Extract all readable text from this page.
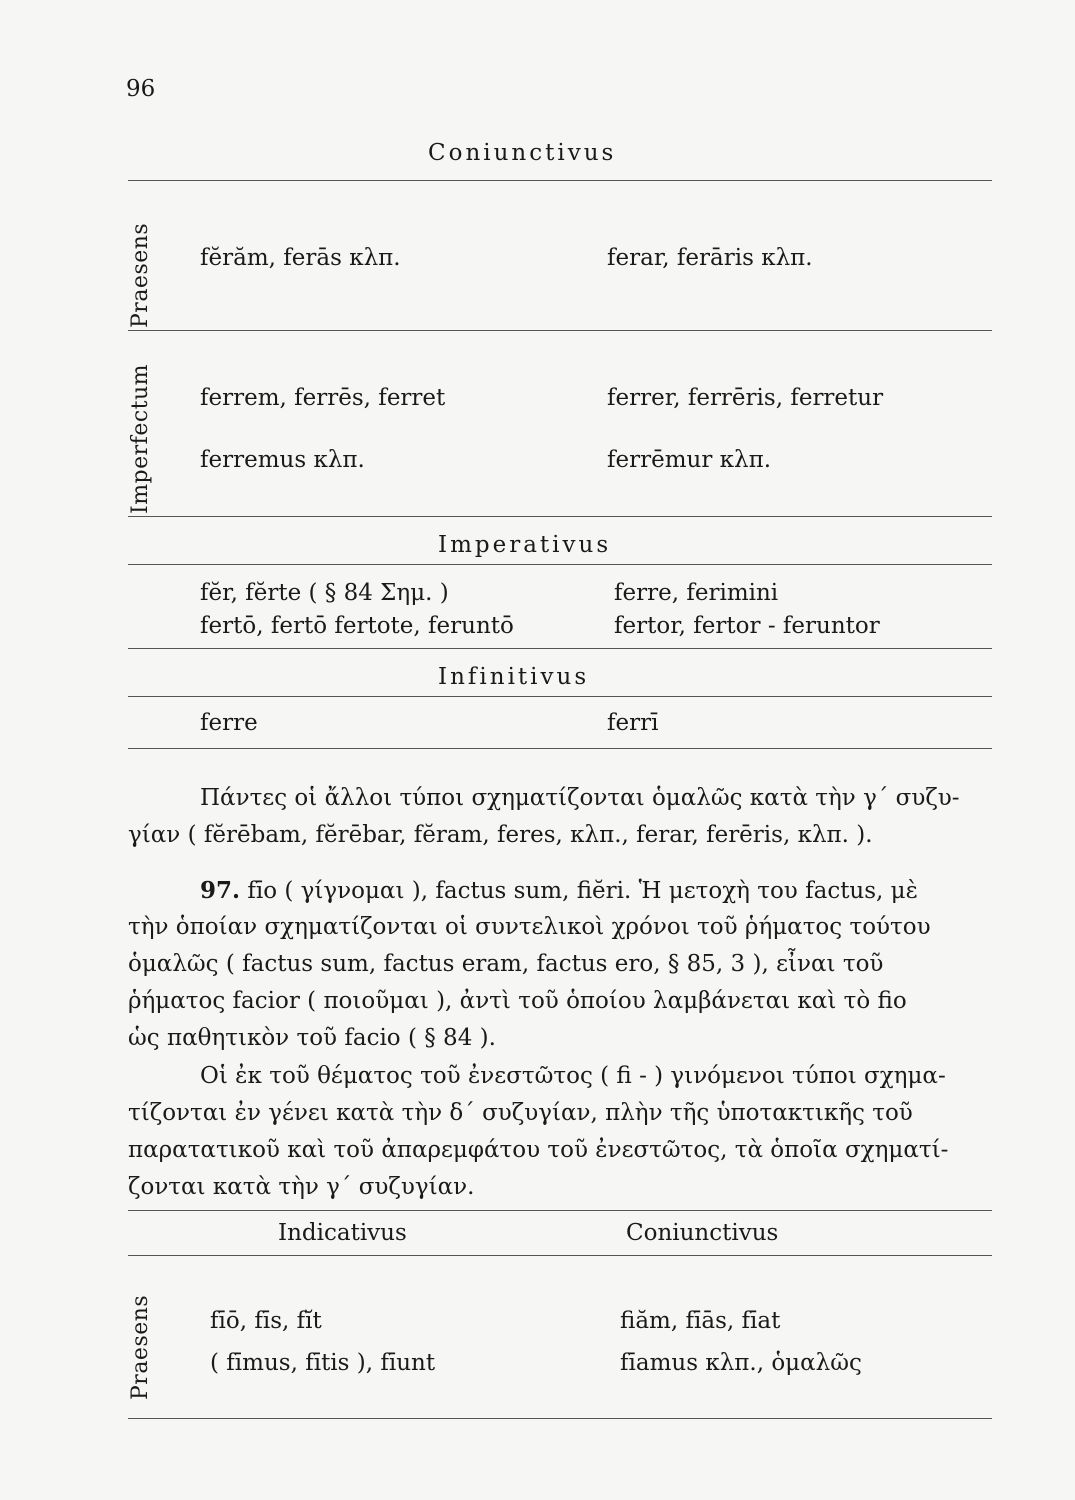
96
Coniunctivus
Praesens fĕrăm, ferās κλπ.	ferar, ferāris κλπ.
Imperfectum ferrem, ferrēs, ferret	ferrer, ferrēris, ferretur
ferremus κλπ.	ferrēmur κλπ.
Imperativus
fĕr, fĕrte ( § 84 Σημ. )	ferre, ferimini
fertō, fertō fertote, feruntō	fertor, fertor - feruntor
Infinitivus
ferre	ferrī
Πάντες οἱ ἄλλοι τύποι σχηματίζονται ὁμαλῶς κατὰ τὴν γ΄ συζυ-
γίαν ( fĕrēbam, fĕrēbar, fĕram, feres, κλπ., ferar, ferēris, κλπ. ).
97. fīo ( γίγνομαι ), factus sum, fiĕri. Ἡ μετοχὴ του factus, μὲ
τὴν ὁποίαν σχηματίζονται οἱ συντελικοὶ χρόνοι τοῦ ῥήματος τούτου
ὁμαλῶς ( factus sum, factus eram, factus ero, § 85, 3 ), εἶναι τοῦ
ῥήματος facior ( ποιοῦμαι ), ἀντὶ τοῦ ὁποίου λαμβάνεται καὶ τὸ fio
ὡς παθητικὸν τοῦ facio ( § 84 ).
Οἱ ἐκ τοῦ θέματος τοῦ ἐνεστῶτος ( fi - ) γινόμενοι τύποι σχημα-
τίζονται ἐν γένει κατὰ τὴν δ΄ συζυγίαν, πλὴν τῆς ὑποτακτικῆς τοῦ
παρατατικοῦ καὶ τοῦ ἀπαρεμφάτου τοῦ ἐνεστῶτος, τὰ ὁποῖα σχηματί-
ζονται κατὰ τὴν γ΄ συζυγίαν.
Indicativus	Coniunctivus
Praesens fīō, fīs, fĭt	fiăm, fīās, fīat
( fīmus, fītis ), fīunt	fīamus κλπ., ὁμαλῶς
